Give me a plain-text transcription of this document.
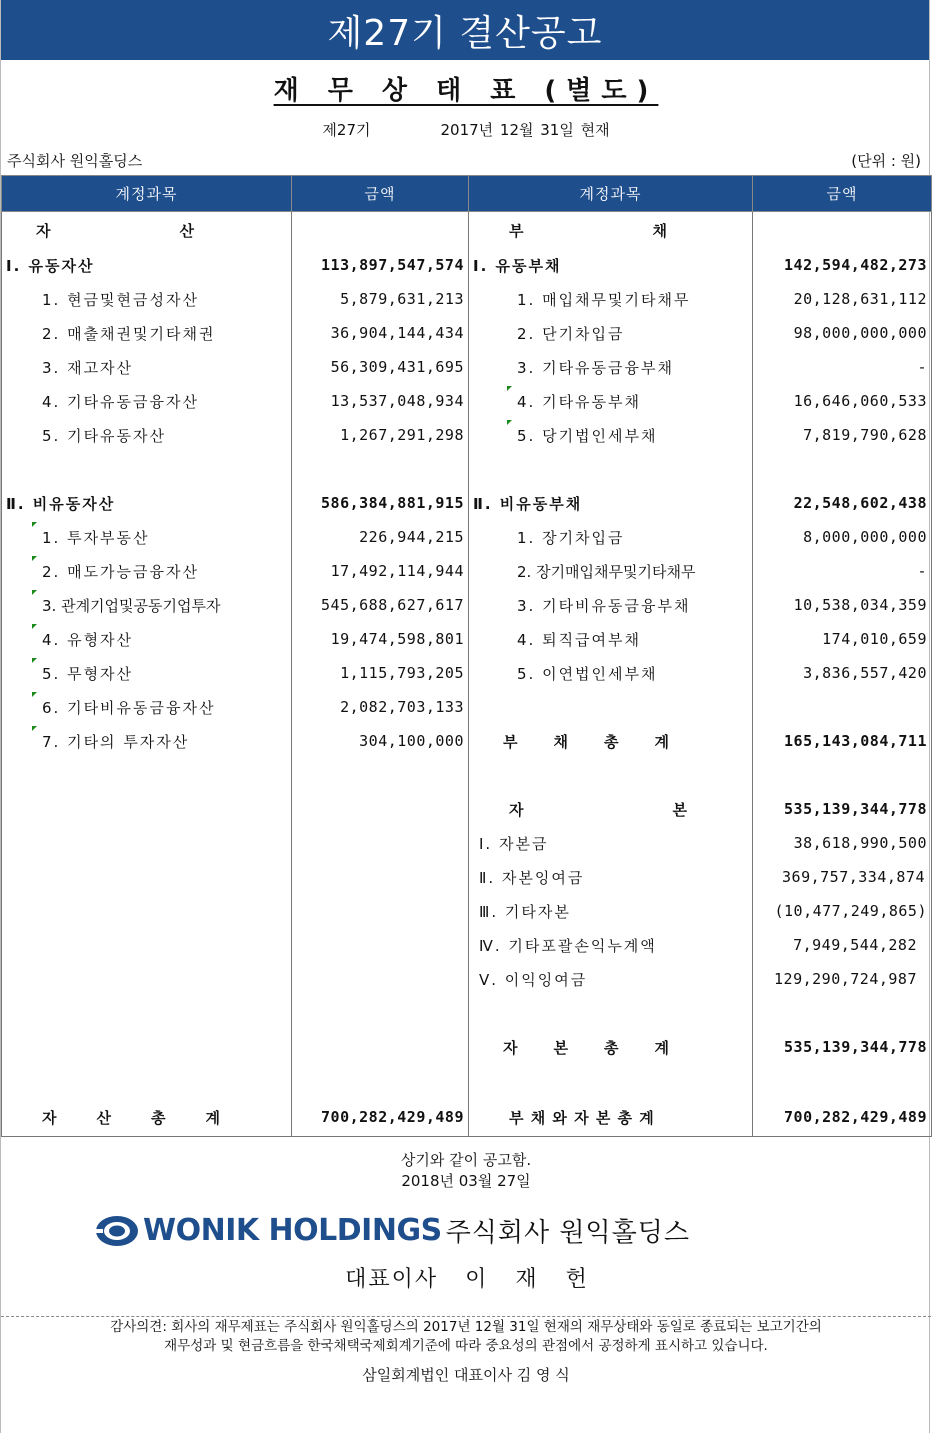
제27기 결산공고
재 무 상 태 표 (별도)
제27기	2017년 12월 31일 현재
주식회사 원익홀딩스	(단위 : 원)
계정과목	금액	계정과목	금액

자 산		부 채	

Ⅰ. 유동자산	113,897,547,574	Ⅰ. 유동부채	142,594,482,273
1. 현금및현금성자산	5,879,631,213	1. 매입채무및기타채무	20,128,631,112
2. 매출채권및기타채권	36,904,144,434	2. 단기차입금	98,000,000,000
3. 재고자산	56,309,431,695	3. 기타유동금융부채	-
4. 기타유동금융자산	13,537,048,934	4. 기타유동부채	16,646,060,533
5. 기타유동자산	1,267,291,298	5. 당기법인세부채	7,819,790,628

Ⅱ. 비유동자산	586,384,881,915	Ⅱ. 비유동부채	22,548,602,438
1. 투자부동산	226,944,215	1. 장기차입금	8,000,000,000
2. 매도가능금융자산	17,492,114,944	2. 장기매입채무및기타채무	-
3. 관계기업및공동기업투자	545,688,627,617	3. 기타비유동금융부채	10,538,034,359
4. 유형자산	19,474,598,801	4. 퇴직급여부채	174,010,659
5. 무형자산	1,115,793,205	5. 이연법인세부채	3,836,557,420
6. 기타비유동금융자산	2,082,703,133		
7. 기타의 투자자산	304,100,000	부 채 총 계	165,143,084,711

		자 본	535,139,344,778
		Ⅰ. 자본금	38,618,990,500
		Ⅱ. 자본잉여금	369,757,334,874
		Ⅲ. 기타자본	(10,477,249,865)
		Ⅳ. 기타포괄손익누계액	7,949,544,282
		Ⅴ. 이익잉여금	129,290,724,987

		자 본 총 계	535,139,344,778

자 산 총 계	700,282,429,489	부 채 와 자 본 총 계	700,282,429,489
상기와 같이 공고함.
2018년 03월 27일
WONIK HOLDINGS 주식회사 원익홀딩스
대표이사 이 재 헌
감사의견: 회사의 재무제표는 주식회사 원익홀딩스의 2017년 12월 31일 현재의 재무상태와 동일로 종료되는 보고기간의
재무성과 및 현금흐름을 한국채택국제회계기준에 따라 중요성의 관점에서 공정하게 표시하고 있습니다.
삼일회계법인 대표이사 김 영 식
